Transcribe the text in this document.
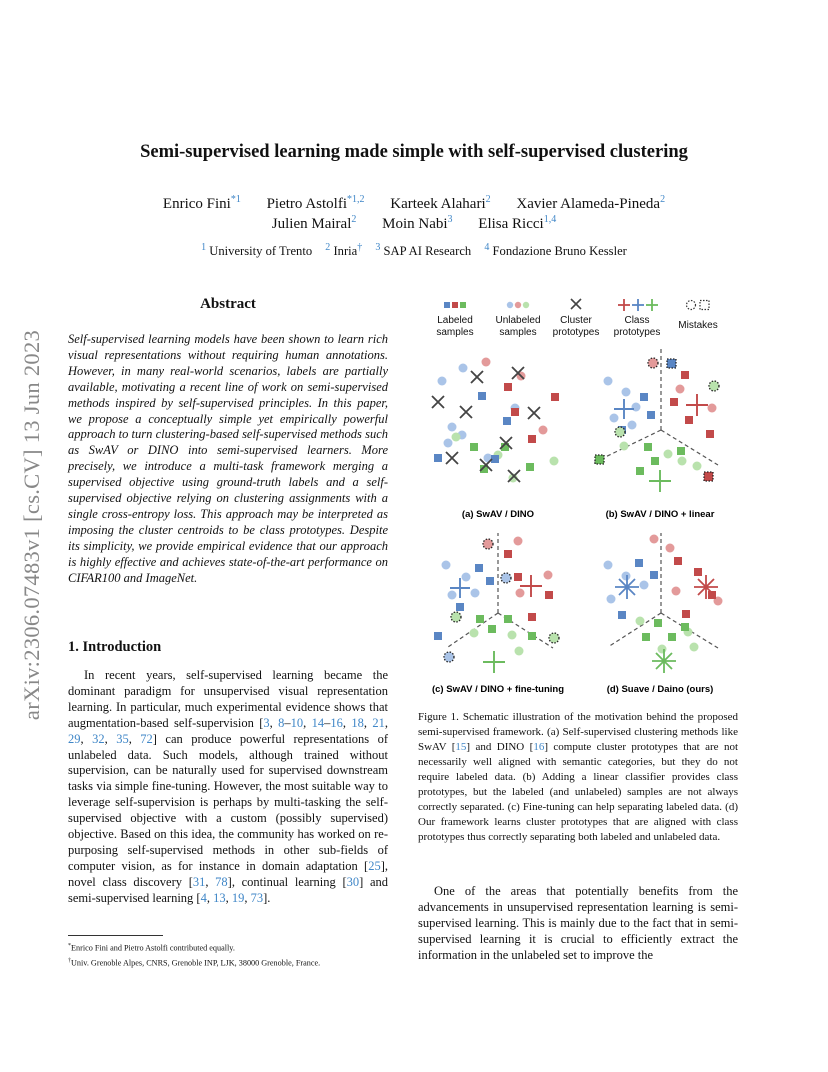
Semi-supervised learning made simple with self-supervised clustering
Enrico Fini$^{*1}$ Pietro Astolfi$^{*1,2}$ Karteek Alahari$^2$ Xavier Alameda-Pineda$^2$
Julien Mairal$^2$ Moin Nabi$^3$ Elisa Ricci$^{1,4}$
$^1$ University of Trento $^2$ Inria† $^3$ SAP AI Research $^4$ Fondazione Bruno Kessler
arXiv:2306.07483v1 [cs.CV] 13 Jun 2023
Abstract

Self-supervised learning models have been shown to learn rich visual representations without requiring human annotations. However, in many real-world scenarios, labels are partially available, motivating a recent line of work on semi-supervised methods inspired by self-supervised principles. In this paper, we propose a conceptually simple yet empirically powerful approach to turn clustering-based self-supervised methods such as SwAV or DINO into semi-supervised learners. More precisely, we introduce a multi-task framework merging a supervised objective using ground-truth labels and a self-supervised objective relying on clustering assignments with a single cross-entropy loss. This approach may be interpreted as imposing the cluster centroids to be class prototypes. Despite its simplicity, we provide empirical evidence that our approach is highly effective and achieves state-of-the-art performance on CIFAR100 and ImageNet.

1. Introduction

In recent years, self-supervised learning became the dominant paradigm for unsupervised visual representation learning. In particular, much experimental evidence shows that augmentation-based self-supervision [3, 8–10, 14–16, 18, 21, 29, 32, 35, 72] can produce powerful representations of unlabeled data. Such models, although trained without supervision, can be naturally used for supervised downstream tasks via simple fine-tuning. However, the most suitable way to leverage self-supervision is perhaps by multi-tasking the self-supervised objective with a custom (possibly supervised) objective. Based on this idea, the community has worked on re-purposing self-supervised methods in other sub-fields of computer vision, as for instance in domain adaptation [25], novel class discovery [31, 78], continual learning [30] and semi-supervised learning [4, 13, 19, 73].

*Enrico Fini and Pietro Astolfi contributed equally.
†Univ. Grenoble Alpes, CNRS, Grenoble INP, LJK, 38000 Grenoble, France.
Labeled samples
Unlabeled samples
Cluster prototypes
Class prototypes
Mistakes
(a) SwAV / DINO	(b) SwAV / DINO + linear
(c) SwAV / DINO + fine-tuning	(d) Suave / Daino (ours)

Figure 1. Schematic illustration of the motivation behind the proposed semi-supervised framework. (a) Self-supervised clustering methods like SwAV [15] and DINO [16] compute cluster prototypes that are not necessarily well aligned with semantic categories, but they do not require labeled data. (b) Adding a linear classifier provides class prototypes, but the labeled (and unlabeled) samples are not always correctly separated. (c) Fine-tuning can help separating labeled data. (d) Our framework learns cluster prototypes that are aligned with class prototypes thus correctly separating both labeled and unlabeled data.

One of the areas that potentially benefits from the advancements in unsupervised representation learning is semi-supervised learning. This is mainly due to the fact that in semi-supervised learning it is crucial to efficiently extract the information in the unlabeled set to improve the
